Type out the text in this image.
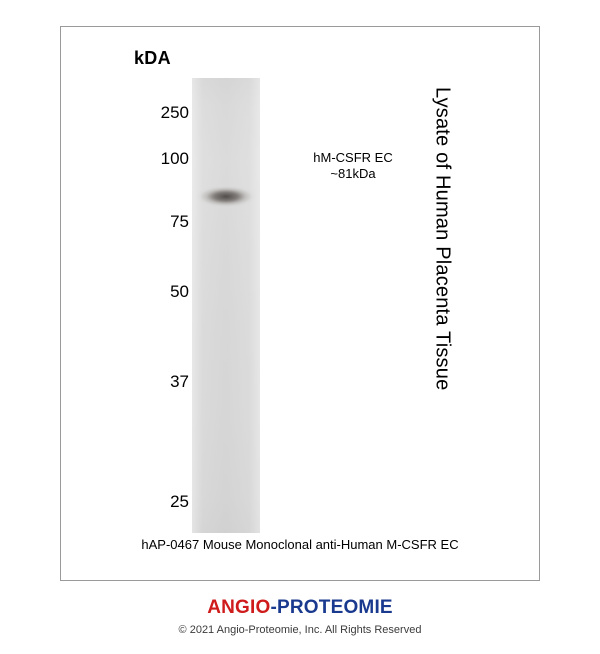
kDA
250
100
75
50
37
25
hM-CSFR EC
~81kDa	Lysate of Human Placenta Tissue
hAP-0467 Mouse Monoclonal anti-Human M-CSFR EC
ANGIO-PROTEOMIE
© 2021 Angio-Proteomie, Inc. All Rights Reserved
